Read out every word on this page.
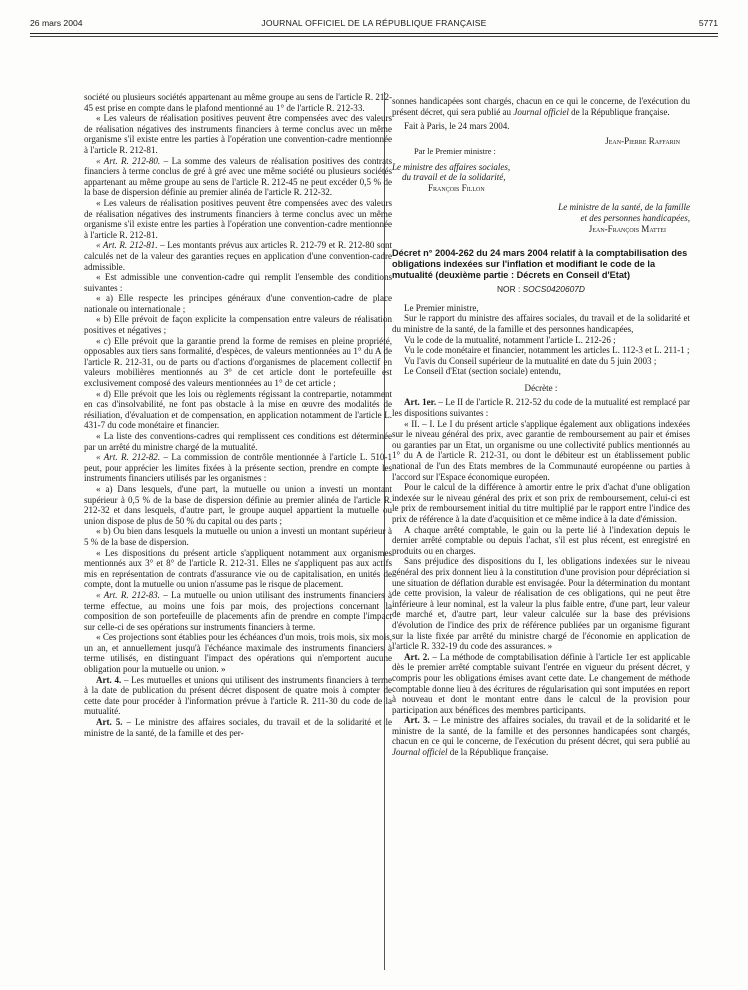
26 mars 2004	JOURNAL OFFICIEL DE LA RÉPUBLIQUE FRANÇAISE	5771

société ou plusieurs sociétés appartenant au même groupe au sens de l'article R. 212-45 est prise en compte dans le plafond mentionné au 1° de l'article R. 212-33.

« Les valeurs de réalisation positives peuvent être compensées avec des valeurs de réalisation négatives des instruments financiers à terme conclus avec un même organisme s'il existe entre les parties à l'opération une convention-cadre mentionnée à l'article R. 212-81.

« Art. R. 212-80. – La somme des valeurs de réalisation positives des contrats financiers à terme conclus de gré à gré avec une même société ou plusieurs sociétés appartenant au même groupe au sens de l'article R. 212-45 ne peut excéder 0,5 % de la base de dispersion définie au premier alinéa de l'article R. 212-32.

« Les valeurs de réalisation positives peuvent être compensées avec des valeurs de réalisation négatives des instruments financiers à terme conclus avec un même organisme s'il existe entre les parties à l'opération une convention-cadre mentionnée à l'article R. 212-81.

« Art. R. 212-81. – Les montants prévus aux articles R. 212-79 et R. 212-80 sont calculés net de la valeur des garanties reçues en application d'une convention-cadre admissible.

« Est admissible une convention-cadre qui remplit l'ensemble des conditions suivantes :

« a) Elle respecte les principes généraux d'une convention-cadre de place nationale ou internationale ;

« b) Elle prévoit de façon explicite la compensation entre valeurs de réalisation positives et négatives ;

« c) Elle prévoit que la garantie prend la forme de remises en pleine propriété, opposables aux tiers sans formalité, d'espèces, de valeurs mentionnées au 1° du A de l'article R. 212-31, ou de parts ou d'actions d'organismes de placement collectif en valeurs mobilières mentionnés au 3° de cet article dont le portefeuille est exclusivement composé des valeurs mentionnées au 1° de cet article ;

« d) Elle prévoit que les lois ou règlements régissant la contrepartie, notamment en cas d'insolvabilité, ne font pas obstacle à la mise en œuvre des modalités de résiliation, d'évaluation et de compensation, en application notamment de l'article L. 431-7 du code monétaire et financier.

« La liste des conventions-cadres qui remplissent ces conditions est déterminée par un arrêté du ministre chargé de la mutualité.

« Art. R. 212-82. – La commission de contrôle mentionnée à l'article L. 510-1 peut, pour apprécier les limites fixées à la présente section, prendre en compte les instruments financiers utilisés par les organismes :

« a) Dans lesquels, d'une part, la mutuelle ou union a investi un montant supérieur à 0,5 % de la base de dispersion définie au premier alinéa de l'article R. 212-32 et dans lesquels, d'autre part, le groupe auquel appartient la mutuelle ou union dispose de plus de 50 % du capital ou des parts ;

« b) Ou bien dans lesquels la mutuelle ou union a investi un montant supérieur à 5 % de la base de dispersion.

« Les dispositions du présent article s'appliquent notamment aux organismes mentionnés aux 3° et 8° de l'article R. 212-31. Elles ne s'appliquent pas aux actifs mis en représentation de contrats d'assurance vie ou de capitalisation, en unités de compte, dont la mutuelle ou union n'assume pas le risque de placement.

« Art. R. 212-83. – La mutuelle ou union utilisant des instruments financiers à terme effectue, au moins une fois par mois, des projections concernant la composition de son portefeuille de placements afin de prendre en compte l'impact sur celle-ci de ses opérations sur instruments financiers à terme.

« Ces projections sont établies pour les échéances d'un mois, trois mois, six mois, un an, et annuellement jusqu'à l'échéance maximale des instruments financiers à terme utilisés, en distinguant l'impact des opérations qui n'emportent aucune obligation pour la mutuelle ou union. »

Art. 4. – Les mutuelles et unions qui utilisent des instruments financiers à terme à la date de publication du présent décret disposent de quatre mois à compter de cette date pour procéder à l'information prévue à l'article R. 211-30 du code de la mutualité.

Art. 5. – Le ministre des affaires sociales, du travail et de la solidarité et le ministre de la santé, de la famille et des per-

sonnes handicapées sont chargés, chacun en ce qui le concerne, de l'exécution du présent décret, qui sera publié au Journal officiel de la République française.

Fait à Paris, le 24 mars 2004.
Jean-Pierre Raffarin
Par le Premier ministre :
Le ministre des affaires sociales,
du travail et de la solidarité,
François Fillon
Le ministre de la santé, de la famille
et des personnes handicapées,
Jean-François Mattei
Décret n° 2004-262 du 24 mars 2004 relatif à la comptabilisation des obligations indexées sur l'inflation et modifiant le code de la mutualité (deuxième partie : Décrets en Conseil d'Etat)
NOR : SOCS0420607D

Le Premier ministre,

Sur le rapport du ministre des affaires sociales, du travail et de la solidarité et du ministre de la santé, de la famille et des personnes handicapées,

Vu le code de la mutualité, notamment l'article L. 212-26 ;

Vu le code monétaire et financier, notamment les articles L. 112-3 et L. 211-1 ;

Vu l'avis du Conseil supérieur de la mutualité en date du 5 juin 2003 ;

Le Conseil d'Etat (section sociale) entendu,

Décrète :

Art. 1er. – Le II de l'article R. 212-52 du code de la mutualité est remplacé par les dispositions suivantes :

« II. – I. Le I du présent article s'applique également aux obligations indexées sur le niveau général des prix, avec garantie de remboursement au pair et émises ou garanties par un Etat, un organisme ou une collectivité publics mentionnés au 1° du A de l'article R. 212-31, ou dont le débiteur est un établissement public national de l'un des Etats membres de la Communauté européenne ou parties à l'accord sur l'Espace économique européen.

Pour le calcul de la différence à amortir entre le prix d'achat d'une obligation indexée sur le niveau général des prix et son prix de remboursement, celui-ci est le prix de remboursement initial du titre multiplié par le rapport entre l'indice des prix de référence à la date d'acquisition et ce même indice à la date d'émission.

A chaque arrêté comptable, le gain ou la perte lié à l'indexation depuis le dernier arrêté comptable ou depuis l'achat, s'il est plus récent, est enregistré en produits ou en charges.

Sans préjudice des dispositions du I, les obligations indexées sur le niveau général des prix donnent lieu à la constitution d'une provision pour dépréciation si une situation de déflation durable est envisagée. Pour la détermination du montant de cette provision, la valeur de réalisation de ces obligations, qui ne peut être inférieure à leur nominal, est la valeur la plus faible entre, d'une part, leur valeur de marché et, d'autre part, leur valeur calculée sur la base des prévisions d'évolution de l'indice des prix de référence publiées par un organisme figurant sur la liste fixée par arrêté du ministre chargé de l'économie en application de l'article R. 332-19 du code des assurances. »

Art. 2. – La méthode de comptabilisation définie à l'article 1er est applicable dès le premier arrêté comptable suivant l'entrée en vigueur du présent décret, y compris pour les obligations émises avant cette date. Le changement de méthode comptable donne lieu à des écritures de régularisation qui sont imputées en report à nouveau et dont le montant entre dans le calcul de la provision pour participation aux bénéfices des membres participants.

Art. 3. – Le ministre des affaires sociales, du travail et de la solidarité et le ministre de la santé, de la famille et des personnes handicapées sont chargés, chacun en ce qui le concerne, de l'exécution du présent décret, qui sera publié au Journal officiel de la République française.
